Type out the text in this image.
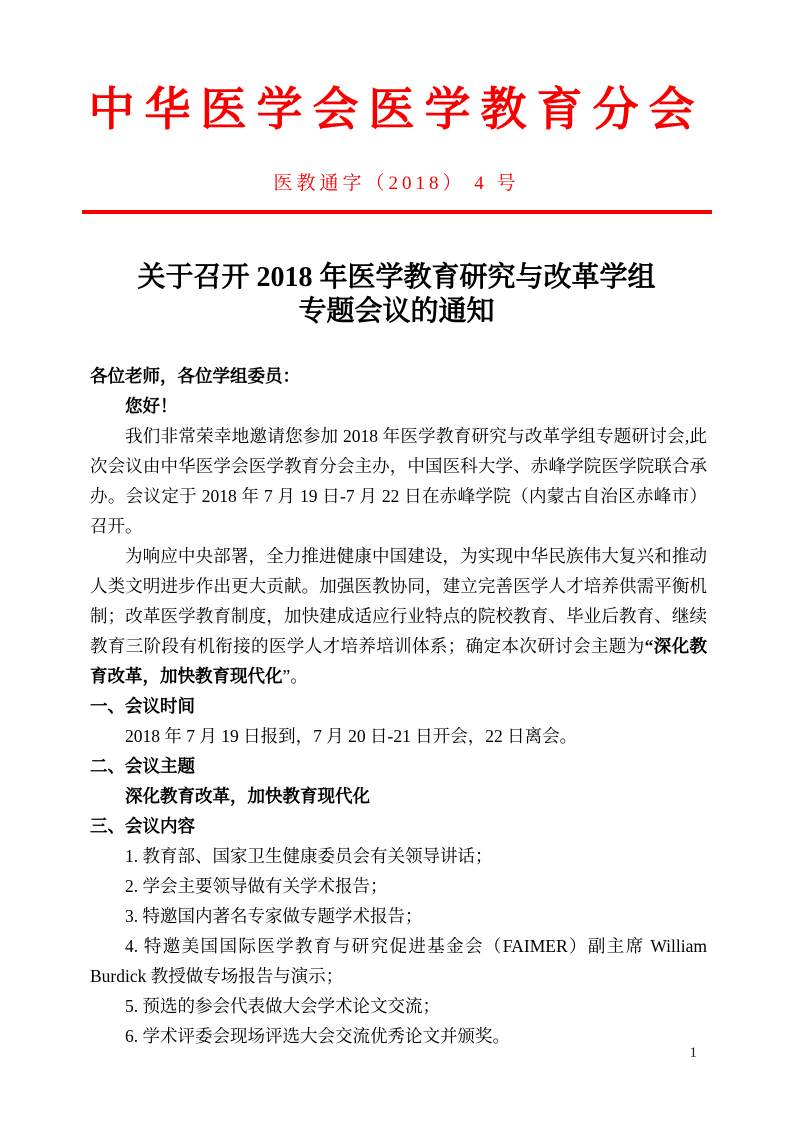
中华医学会医学教育分会
医教通字（2018） 4 号
关于召开 2018 年医学教育研究与改革学组
专题会议的通知

各位老师，各位学组委员：

您好！

我们非常荣幸地邀请您参加 2018 年医学教育研究与改革学组专题研讨会,此次会议由中华医学会医学教育分会主办，中国医科大学、赤峰学院医学院联合承办。会议定于 2018 年 7 月 19 日-7 月 22 日在赤峰学院（内蒙古自治区赤峰市）召开。

为响应中央部署，全力推进健康中国建设，为实现中华民族伟大复兴和推动人类文明进步作出更大贡献。加强医教协同，建立完善医学人才培养供需平衡机制；改革医学教育制度，加快建成适应行业特点的院校教育、毕业后教育、继续教育三阶段有机衔接的医学人才培养培训体系；确定本次研讨会主题为“深化教育改革，加快教育现代化”。

一、会议时间

2018 年 7 月 19 日报到，7 月 20 日-21 日开会，22 日离会。

二、会议主题

深化教育改革，加快教育现代化

三、会议内容

1. 教育部、国家卫生健康委员会有关领导讲话；

2. 学会主要领导做有关学术报告；

3. 特邀国内著名专家做专题学术报告；

4. 特邀美国国际医学教育与研究促进基金会（FAIMER）副主席 William Burdick 教授做专场报告与演示；

5. 预选的参会代表做大会学术论文交流；

6. 学术评委会现场评选大会交流优秀论文并颁奖。

1
